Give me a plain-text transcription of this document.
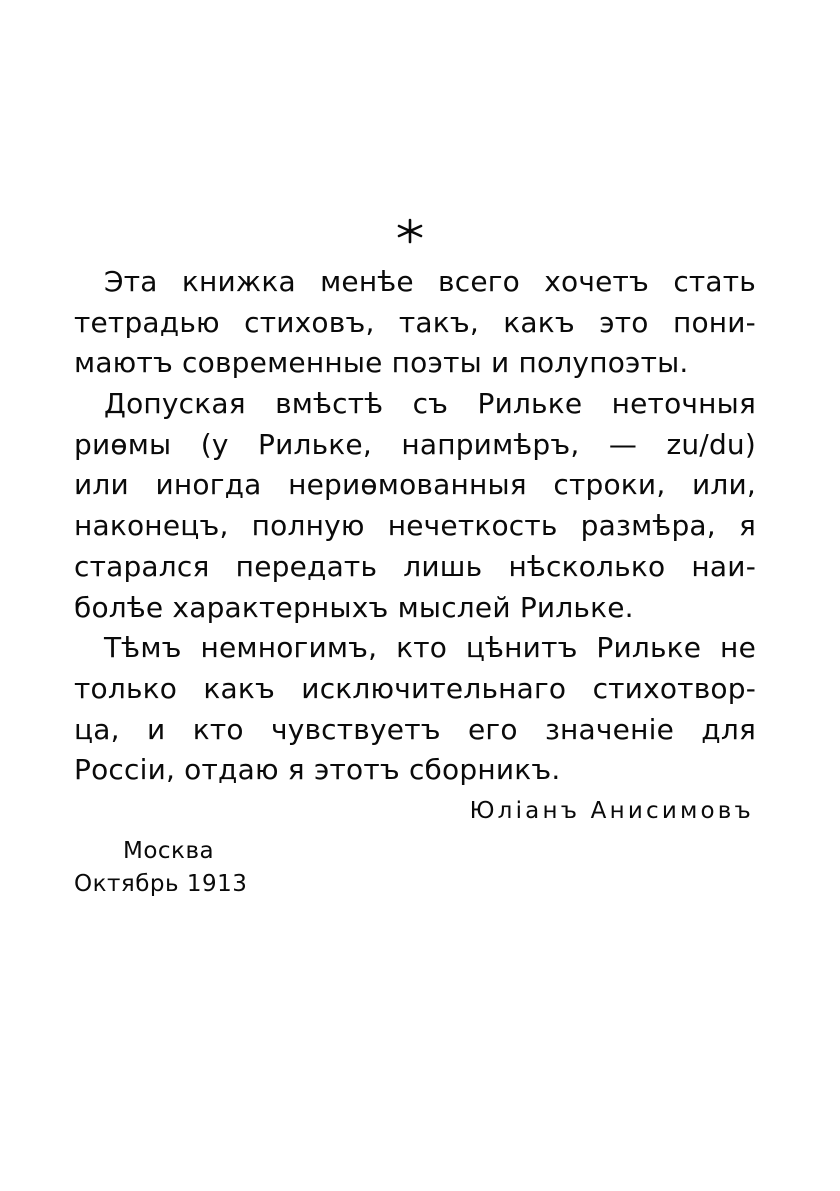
Эта книжка менѣе всего хочетъ стать
тетрадью стиховъ, такъ, какъ это пони-
маютъ современные поэты и полупоэты.
Допуская вмѣстѣ съ Рильке неточныя
риѳмы (у Рильке, напримѣръ, — zu/du)
или иногда нериѳмованныя строки, или,
наконецъ, полную нечеткость размѣра, я
старался передать лишь нѣсколько наи-
болѣе характерныхъ мыслей Рильке.
Тѣмъ немногимъ, кто цѣнитъ Рильке не
только какъ исключительнаго стихотвор-
ца, и кто чувствуетъ его значенiе для
Россiи, отдаю я этотъ сборникъ.
Юлiанъ Анисимовъ
Москва
Октябрь 1913
